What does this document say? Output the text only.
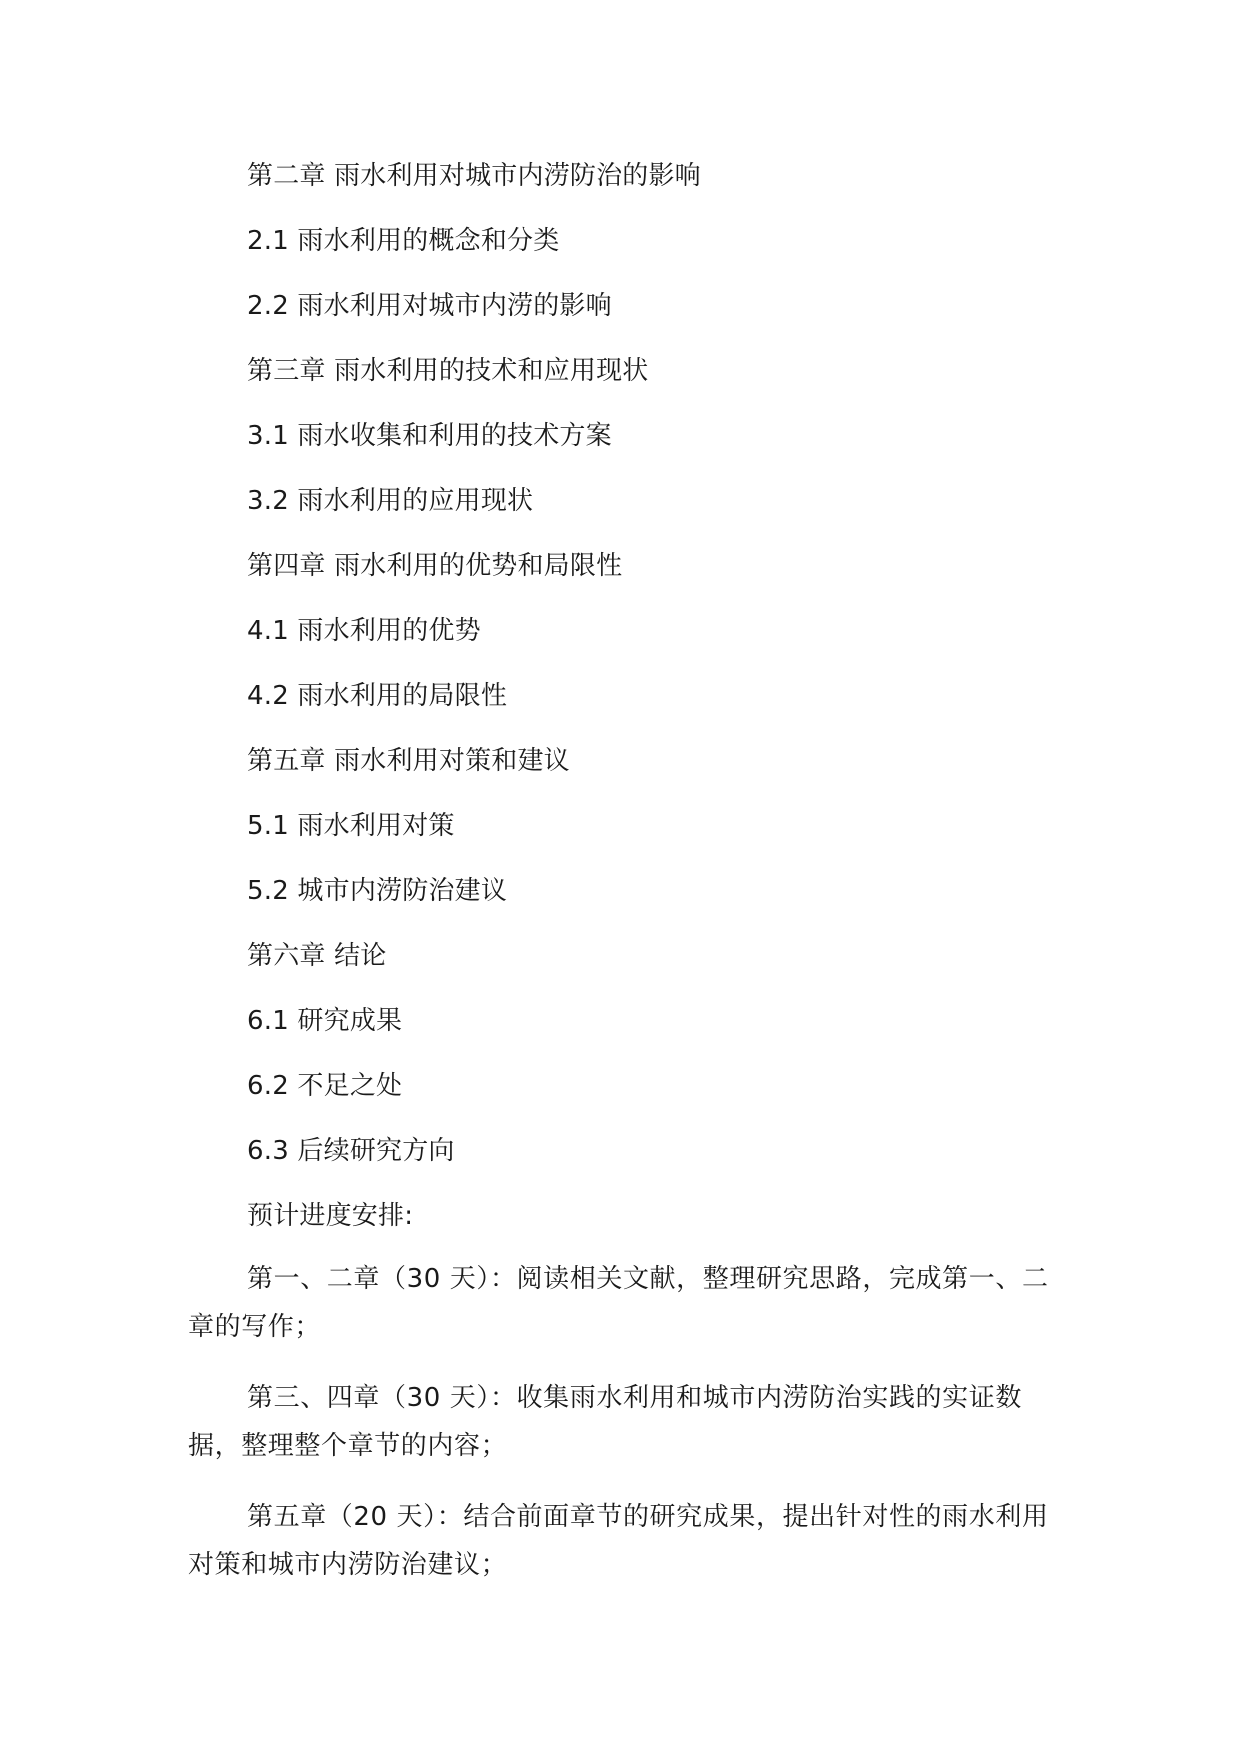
第二章 雨水利用对城市内涝防治的影响
2.1 雨水利用的概念和分类
2.2 雨水利用对城市内涝的影响
第三章 雨水利用的技术和应用现状
3.1 雨水收集和利用的技术方案
3.2 雨水利用的应用现状
第四章 雨水利用的优势和局限性
4.1 雨水利用的优势
4.2 雨水利用的局限性
第五章 雨水利用对策和建议
5.1 雨水利用对策
5.2 城市内涝防治建议
第六章 结论
6.1 研究成果
6.2 不足之处
6.3 后续研究方向
预计进度安排:
第一、二章（30 天）：阅读相关文献，整理研究思路，完成第一、二章的写作；
第三、四章（30 天）：收集雨水利用和城市内涝防治实践的实证数据，整理整个章节的内容；
第五章（20 天）：结合前面章节的研究成果，提出针对性的雨水利用对策和城市内涝防治建议；
